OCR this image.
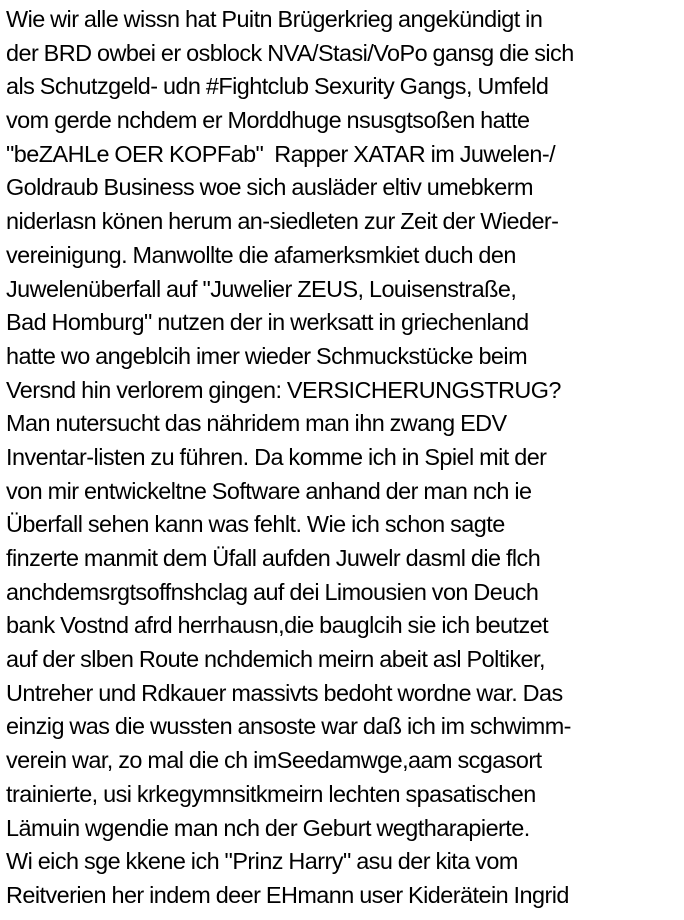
Wie wir alle wissn hat Puitn Brügerkrieg angekündigt in
der BRD owbei er osblock NVA/Stasi/VoPo gansg die sich
als Schutzgeld- udn #Fightclub Sexurity Gangs, Umfeld
vom gerde nchdem er Morddhuge nsusgtsoßen hatte
"beZAHLe OER KOPFab"  Rapper XATAR im Juwelen-/
Goldraub Business woe sich ausläder eltiv umebkerm
niderlasn könen herum an-siedleten zur Zeit der Wieder-
vereinigung. Manwollte die afamerksmkiet duch den
Juwelenüberfall auf "Juwelier ZEUS, Louisenstraße,
Bad Homburg" nutzen der in werksatt in griechenland
hatte wo angeblcih imer wieder Schmuckstücke beim
Versnd hin verlorem gingen: VERSICHERUNGSTRUG?
Man nutersucht das nähridem man ihn zwang EDV
Inventar-listen zu führen. Da komme ich in Spiel mit der
von mir entwickeltne Software anhand der man nch ie
Überfall sehen kann was fehlt. Wie ich schon sagte
finzerte manmit dem Üfall aufden Juwelr dasml die flch
anchdemsrgtsoffnshclag auf dei Limousien von Deuch
bank Vostnd afrd herrhausn,die bauglcih sie ich beutzet
auf der slben Route nchdemich meirn abeit asl Poltiker,
Untreher und Rdkauer massivts bedoht wordne war. Das
einzig was die wussten ansoste war daß ich im schwimm-
verein war, zo mal die ch imSeedamwge,aam scgasort
trainierte, usi krkegymnsitkmeirn lechten spasatischen
Lämuin wgendie man nch der Geburt wegtharapierte.
Wi eich sge kkene ich "Prinz Harry" asu der kita vom
Reitverien her indem deer EHmann user Kiderätein Ingrid
